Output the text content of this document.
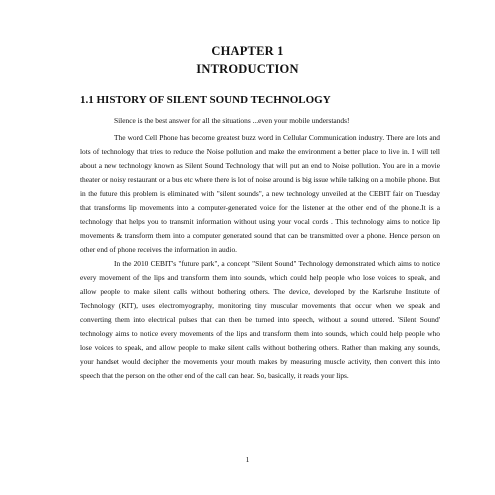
CHAPTER 1
INTRODUCTION
1.1 HISTORY OF SILENT SOUND TECHNOLOGY

Silence is the best answer for all the situations ...even your mobile understands!

The word Cell Phone has become greatest buzz word in Cellular Communication industry. There are lots and lots of technology that tries to reduce the Noise pollution and make the environment a better place to live in. I will tell about a new technology known as Silent Sound Technology that will put an end to Noise pollution. You are in a movie theater or noisy restaurant or a bus etc where there is lot of noise around is big issue while talking on a mobile phone. But in the future this problem is eliminated with "silent sounds", a new technology unveiled at the CEBIT fair on Tuesday that transforms lip movements into a computer-generated voice for the listener at the other end of the phone.It is a technology that helps you to transmit information without using your vocal cords . This technology aims to notice lip movements & transform them into a computer generated sound that can be transmitted over a phone. Hence person on other end of phone receives the information in audio.

In the 2010 CEBIT's "future park", a concept "Silent Sound" Technology demonstrated which aims to notice every movement of the lips and transform them into sounds, which could help people who lose voices to speak, and allow people to make silent calls without bothering others. The device, developed by the Karlsruhe Institute of Technology (KIT), uses electromyography, monitoring tiny muscular movements that occur when we speak and converting them into electrical pulses that can then be turned into speech, without a sound uttered. 'Silent Sound' technology aims to notice every movements of the lips and transform them into sounds, which could help people who lose voices to speak, and allow people to make silent calls without bothering others. Rather than making any sounds, your handset would decipher the movements your mouth makes by measuring muscle activity, then convert this into speech that the person on the other end of the call can hear. So, basically, it reads your lips.

1
